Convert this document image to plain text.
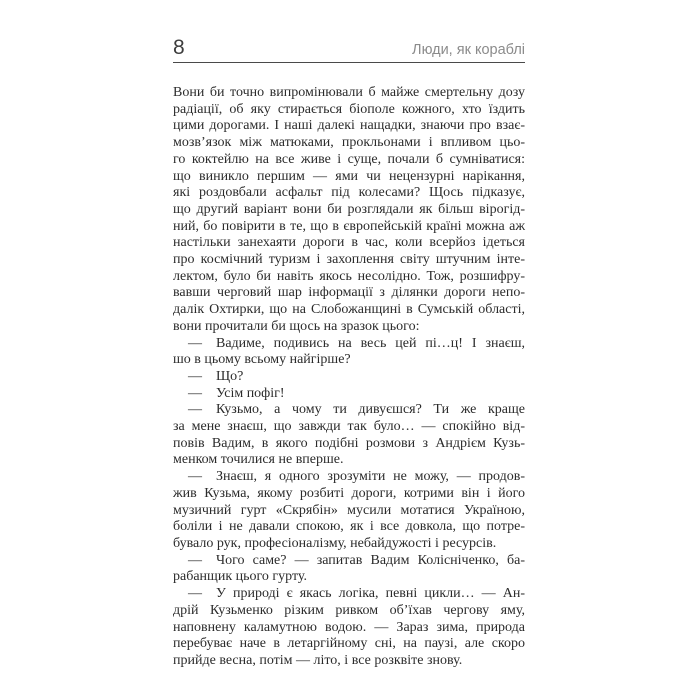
8	Люди, як кораблі
Вони би точно випромінювали б майже смертельну дозу
радіації, об яку стирається біополе кожного, хто їздить
цими дорогами. І наші далекі нащадки, знаючи про взає-
мозв’язок між матюками, прокльонами і впливом цьо-
го коктейлю на все живе і суще, почали б сумніватися:
що виникло першим — ями чи нецензурні нарікання,
які роздовбали асфальт під колесами? Щось підказує,
що другий варіант вони би розглядали як більш вірогід-
ний, бо повірити в те, що в європейській країні можна аж
настільки занехаяти дороги в час, коли всерйоз ідеться
про космічний туризм і захоплення світу штучним інте-
лектом, було би навіть якось несолідно. Тож, розшифру-
вавши черговий шар інформації з ділянки дороги непо-
далік Охтирки, що на Слобожанщині в Сумській області,
вони прочитали би щось на зразок цього:
— Вадиме, подивись на весь цей пі…ц! І знаєш,
шо в цьому всьому найгірше?
— Що?
— Усім пофіг!
— Кузьмо, а чому ти дивуєшся? Ти же краще
за мене знаєш, що завжди так було… — спокійно від-
повів Вадим, в якого подібні розмови з Андрієм Кузь-
менком точилися не вперше.
— Знаєш, я одного зрозуміти не можу, — продов-
жив Кузьма, якому розбиті дороги, котрими він і його
музичний гурт «Скрябін» мусили мотатися Україною,
боліли і не давали спокою, як і все довкола, що потре-
бувало рук, професіоналізму, небайдужості і ресурсів.
— Чого саме? — запитав Вадим Колісніченко, ба-
рабанщик цього гурту.
— У природі є якась логіка, певні цикли… — Ан-
дрій Кузьменко різким ривком об’їхав чергову яму,
наповнену каламутною водою. — Зараз зима, природа
перебуває наче в летаргійному сні, на паузі, але скоро
прийде весна, потім — літо, і все розквіте знову.
